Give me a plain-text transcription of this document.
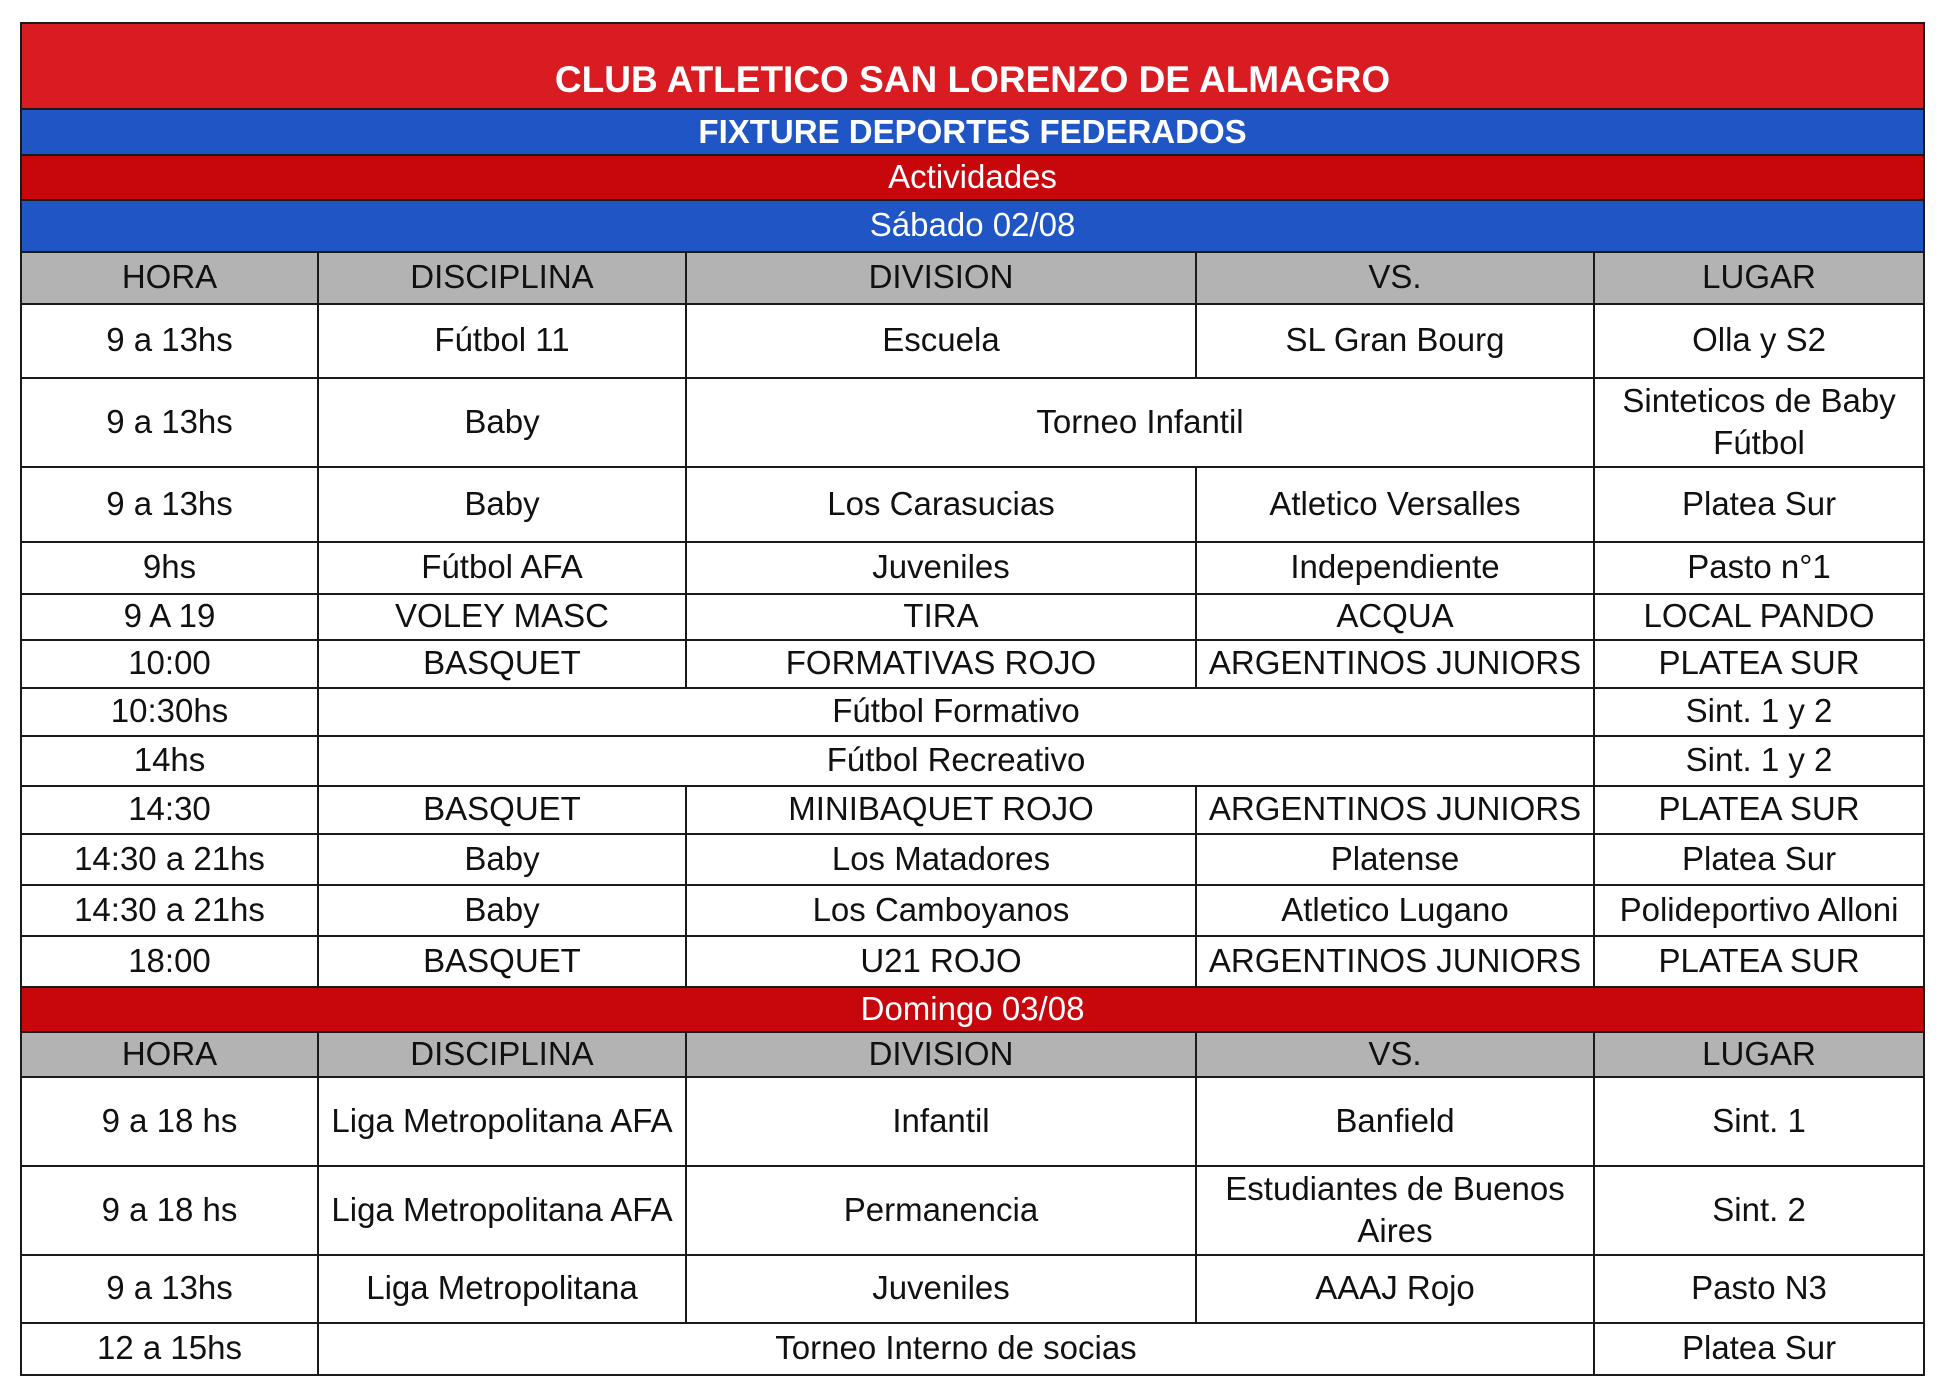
CLUB ATLETICO SAN LORENZO DE ALMAGRO				
FIXTURE DEPORTES FEDERADOS				
Actividades				
Sábado 02/08				
HORA	DISCIPLINA	DIVISION	VS.	LUGAR
9 a 13hs	Fútbol 11	Escuela	SL Gran Bourg	Olla y S2
9 a 13hs	Baby	Torneo Infantil		Sinteticos de Baby Fútbol
9 a 13hs	Baby	Los Carasucias	Atletico Versalles	Platea Sur
9hs	Fútbol AFA	Juveniles	Independiente	Pasto n°1
9 A 19	VOLEY MASC	TIRA	ACQUA	LOCAL PANDO
10:00	BASQUET	FORMATIVAS ROJO	ARGENTINOS JUNIORS	PLATEA SUR
10:30hs	Fútbol Formativo			Sint. 1 y 2
14hs	Fútbol Recreativo			Sint. 1 y 2
14:30	BASQUET	MINIBAQUET ROJO	ARGENTINOS JUNIORS	PLATEA SUR
14:30 a 21hs	Baby	Los Matadores	Platense	Platea Sur
14:30 a 21hs	Baby	Los Camboyanos	Atletico Lugano	Polideportivo Alloni
18:00	BASQUET	U21 ROJO	ARGENTINOS JUNIORS	PLATEA SUR
Domingo 03/08				
HORA	DISCIPLINA	DIVISION	VS.	LUGAR
9 a 18 hs	Liga Metropolitana AFA	Infantil	Banfield	Sint. 1
9 a 18 hs	Liga Metropolitana AFA	Permanencia	Estudiantes de Buenos Aires	Sint. 2
9 a 13hs	Liga Metropolitana	Juveniles	AAAJ Rojo	Pasto N3
12 a 15hs	Torneo Interno de socias			Platea Sur
